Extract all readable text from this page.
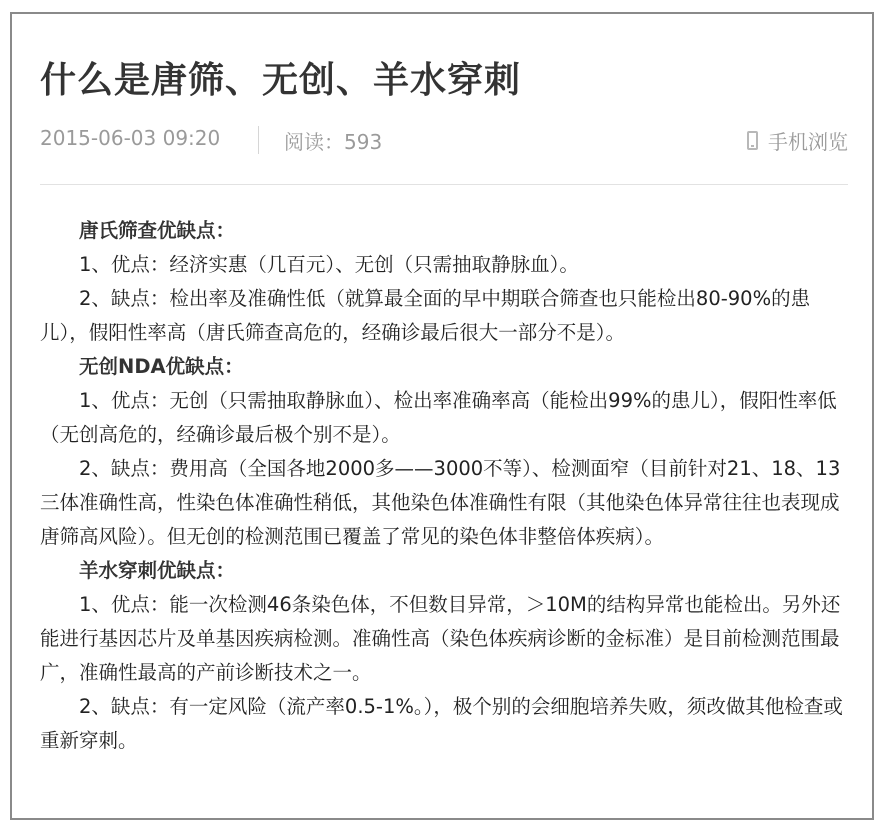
什么是唐筛、无创、羊水穿刺
2015-06-03 09:20	阅读：593	手机浏览

唐氏筛查优缺点：

1、优点：经济实惠（几百元）、无创（只需抽取静脉血）。

2、缺点：检出率及准确性低（就算最全面的早中期联合筛查也只能检出80-90%的患儿），假阳性率高（唐氏筛查高危的，经确诊最后很大一部分不是）。

无创NDA优缺点：

1、优点：无创（只需抽取静脉血）、检出率准确率高（能检出99%的患儿），假阳性率低（无创高危的，经确诊最后极个别不是）。

2、缺点：费用高（全国各地2000多——3000不等）、检测面窄（目前针对21、18、13三体准确性高，性染色体准确性稍低，其他染色体准确性有限（其他染色体异常往往也表现成唐筛高风险）。但无创的检测范围已覆盖了常见的染色体非整倍体疾病）。

羊水穿刺优缺点：

1、优点：能一次检测46条染色体，不但数目异常，＞10M的结构异常也能检出。另外还能进行基因芯片及单基因疾病检测。准确性高（染色体疾病诊断的金标准）是目前检测范围最广，准确性最高的产前诊断技术之一。

2、缺点：有一定风险（流产率0.5-1%。），极个别的会细胞培养失败，须改做其他检查或重新穿刺。
